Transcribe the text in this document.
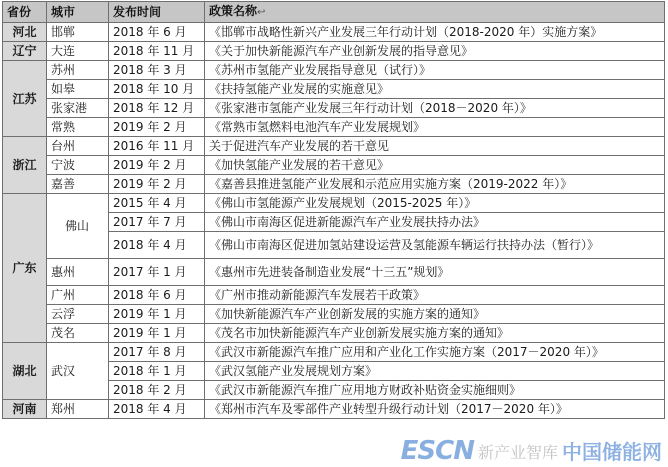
省份	城市	发布时间	政策名称↩
河北	邯郸	2018 年 6 月	《邯郸市战略性新兴产业发展三年行动计划（2018-2020 年）实施方案》
辽宁	大连	2018 年 11 月	《关于加快新能源汽车产业创新发展的指导意见》
江苏	苏州	2018 年 3 月	《苏州市氢能产业发展指导意见（试行）》
	如皋	2018 年 10 月	《扶持氢能产业发展的实施意见》
	张家港	2018 年 12 月	《张家港市氢能产业发展三年行动计划（2018－2020 年）》
	常熟	2019 年 2 月	《常熟市氢燃料电池汽车产业发展规划》
浙江	台州	2016 年 11 月	关于促进汽车产业发展的若干意见
	宁波	2019 年 2 月	《加快氢能产业发展的若干意见》
	嘉善	2019 年 2 月	《嘉善县推进氢能产业发展和示范应用实施方案（2019-2022 年）》
广东	佛山	2015 年 4 月	《佛山市氢能源产业发展规划（2015-2025 年）》
		2017 年 7 月	《佛山市南海区促进新能源汽车产业发展扶持办法》
		2018 年 4 月	《佛山市南海区促进加氢站建设运营及氢能源车辆运行扶持办法（暂行）》
	惠州	2017 年 1 月	《惠州市先进装备制造业发展“十三五”规划》
	广州	2018 年 6 月	《广州市推动新能源汽车发展若干政策》
	云浮	2019 年 1 月	《加快新能源汽车产业创新发展的实施方案的通知》
	茂名	2019 年 1 月	《茂名市加快新能源汽车产业创新发展实施方案的通知》
湖北	武汉	2017 年 8 月	《武汉市新能源汽车推广应用和产业化工作实施方案（2017－2020 年）》
		2018 年 1 月	《武汉氢能产业发展规划方案》
		2018 年 2 月	《武汉市新能源汽车推广应用地方财政补贴资金实施细则》
河南	郑州	2018 年 4 月	《郑州市汽车及零部件产业转型升级行动计划（2017－2020 年）》
ESCN 新产业智库 中国储能网
